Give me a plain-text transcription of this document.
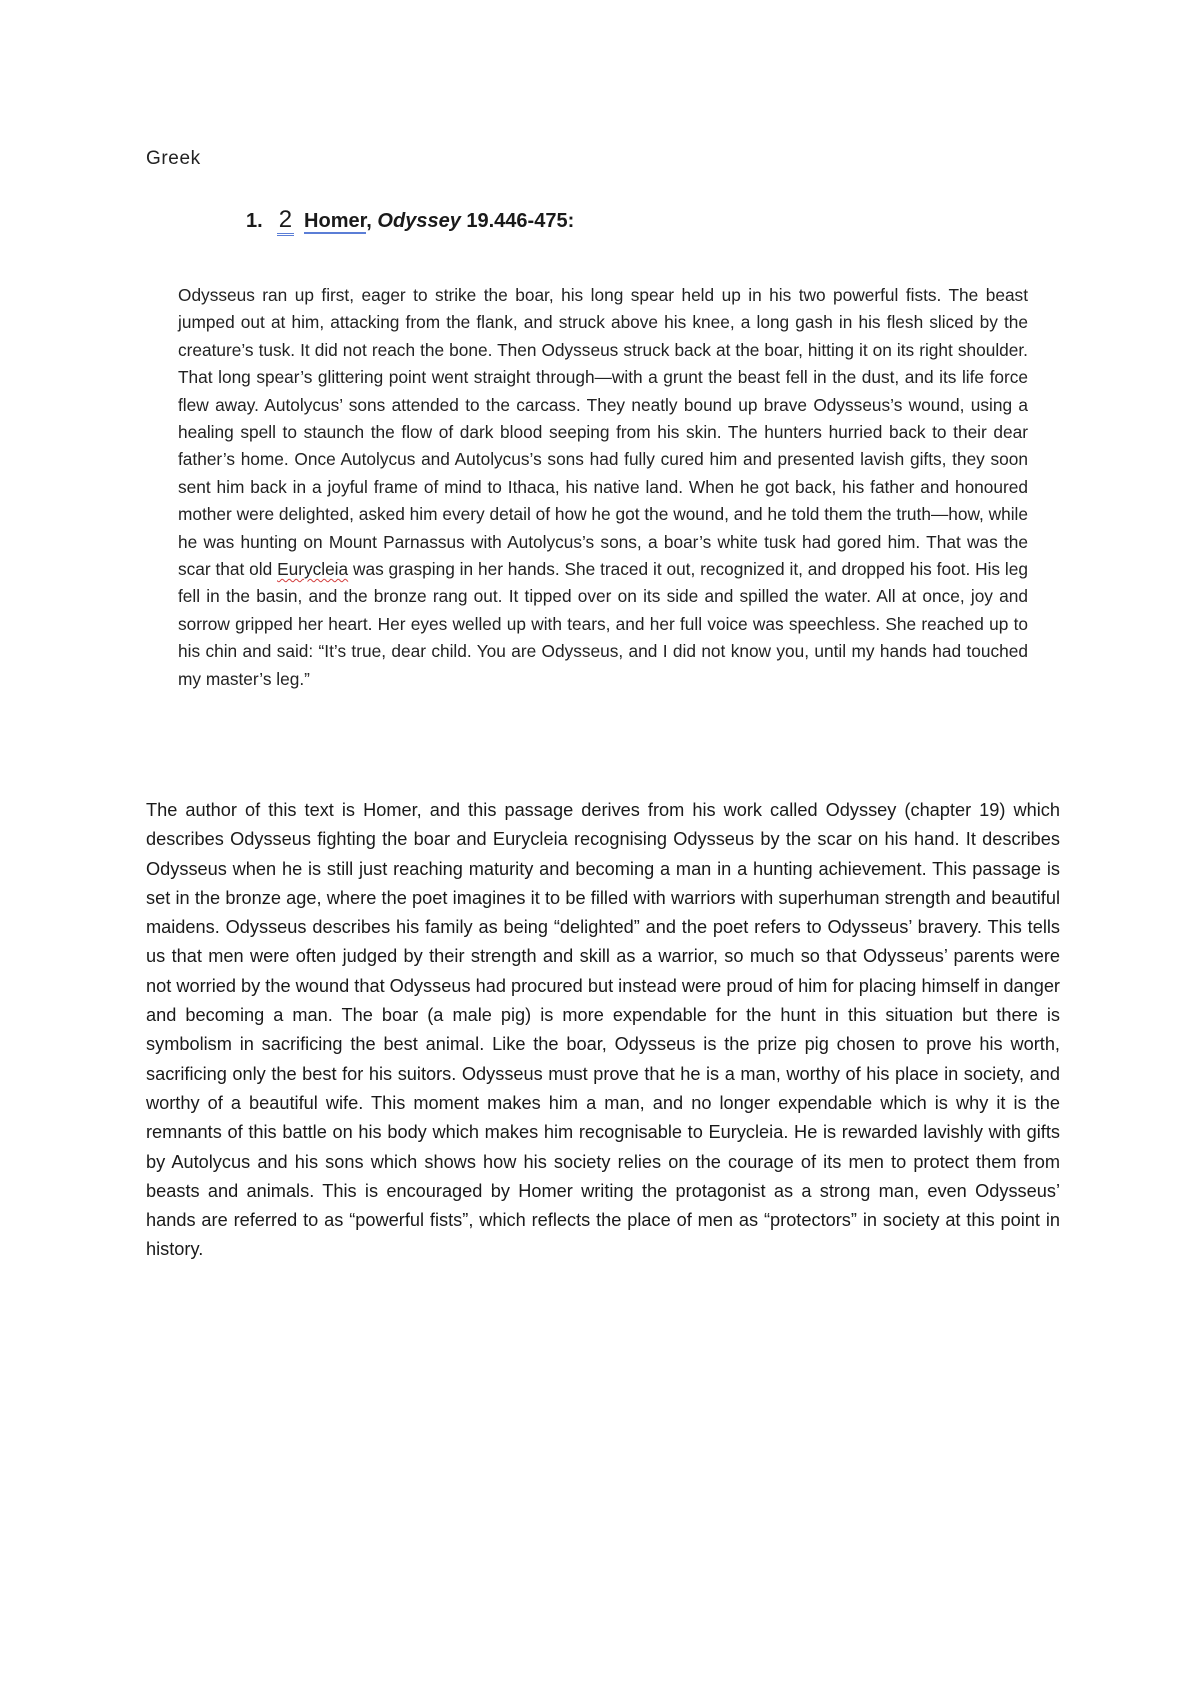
Greek
1. 2 Homer, Odyssey 19.446-475:
Odysseus ran up first, eager to strike the boar, his long spear held up in his two powerful fists. The beast jumped out at him, attacking from the flank, and struck above his knee, a long gash in his flesh sliced by the creature’s tusk. It did not reach the bone. Then Odysseus struck back at the boar, hitting it on its right shoulder. That long spear’s glittering point went straight through—with a grunt the beast fell in the dust, and its life force flew away. Autolycus’ sons attended to the carcass. They neatly bound up brave Odysseus’s wound, using a healing spell to staunch the flow of dark blood seeping from his skin. The hunters hurried back to their dear father’s home. Once Autolycus and Autolycus’s sons had fully cured him and presented lavish gifts, they soon sent him back in a joyful frame of mind to Ithaca, his native land. When he got back, his father and honoured mother were delighted, asked him every detail of how he got the wound, and he told them the truth—how, while he was hunting on Mount Parnassus with Autolycus’s sons, a boar’s white tusk had gored him. That was the scar that old Eurycleia was grasping in her hands. She traced it out, recognized it, and dropped his foot. His leg fell in the basin, and the bronze rang out. It tipped over on its side and spilled the water. All at once, joy and sorrow gripped her heart. Her eyes welled up with tears, and her full voice was speechless. She reached up to his chin and said: “It’s true, dear child. You are Odysseus, and I did not know you, until my hands had touched my master’s leg.”
The author of this text is Homer, and this passage derives from his work called Odyssey (chapter 19) which describes Odysseus fighting the boar and Eurycleia recognising Odysseus by the scar on his hand. It describes Odysseus when he is still just reaching maturity and becoming a man in a hunting achievement. This passage is set in the bronze age, where the poet imagines it to be filled with warriors with superhuman strength and beautiful maidens. Odysseus describes his family as being “delighted” and the poet refers to Odysseus’ bravery. This tells us that men were often judged by their strength and skill as a warrior, so much so that Odysseus’ parents were not worried by the wound that Odysseus had procured but instead were proud of him for placing himself in danger and becoming a man. The boar (a male pig) is more expendable for the hunt in this situation but there is symbolism in sacrificing the best animal. Like the boar, Odysseus is the prize pig chosen to prove his worth, sacrificing only the best for his suitors. Odysseus must prove that he is a man, worthy of his place in society, and worthy of a beautiful wife. This moment makes him a man, and no longer expendable which is why it is the remnants of this battle on his body which makes him recognisable to Eurycleia. He is rewarded lavishly with gifts by Autolycus and his sons which shows how his society relies on the courage of its men to protect them from beasts and animals. This is encouraged by Homer writing the protagonist as a strong man, even Odysseus’ hands are referred to as “powerful fists”, which reflects the place of men as “protectors” in society at this point in history.
